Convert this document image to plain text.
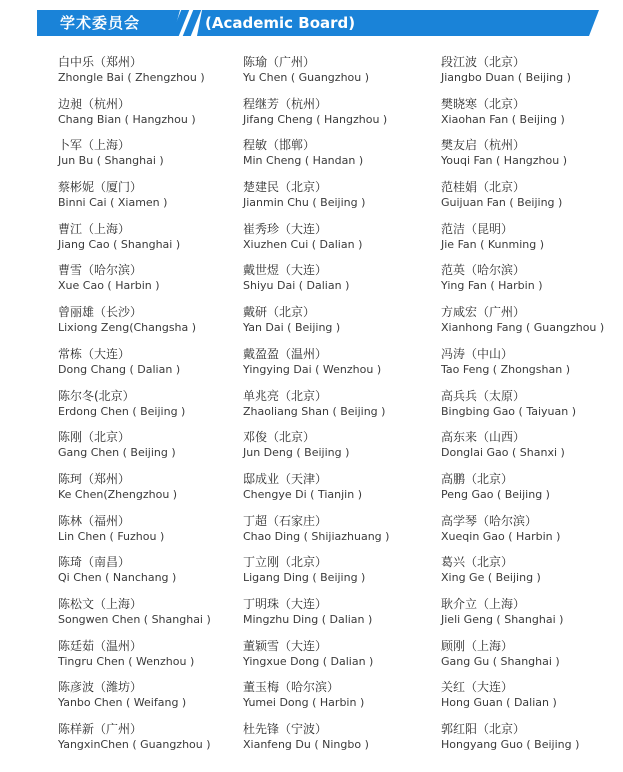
学术委员会	(Academic Board)
白中乐（郑州）
Zhongle Bai ( Zhengzhou )
边昶（杭州）
Chang Bian ( Hangzhou )
卜军（上海）
Jun Bu ( Shanghai )
蔡彬妮（厦门）
Binni Cai ( Xiamen )
曹江（上海）
Jiang Cao ( Shanghai )
曹雪（哈尔滨）
Xue Cao ( Harbin )
曾丽雄（长沙）
Lixiong Zeng(Changsha )
常栋（大连）
Dong Chang ( Dalian )
陈尔冬(北京）
Erdong Chen ( Beijing )
陈刚（北京）
Gang Chen ( Beijing )
陈珂（郑州）
Ke Chen(Zhengzhou )
陈林（福州）
Lin Chen ( Fuzhou )
陈琦（南昌）
Qi Chen ( Nanchang )
陈松文（上海）
Songwen Chen ( Shanghai )
陈廷茹（温州）
Tingru Chen ( Wenzhou )
陈彦波（潍坊）
Yanbo Chen ( Weifang )
陈样新（广州）
YangxinChen ( Guangzhou )
陈瑜（广州）
Yu Chen ( Guangzhou )
程继芳（杭州）
Jifang Cheng ( Hangzhou )
程敏（邯郸）
Min Cheng ( Handan )
楚建民（北京）
Jianmin Chu ( Beijing )
崔秀珍（大连）
Xiuzhen Cui ( Dalian )
戴世煜（大连）
Shiyu Dai ( Dalian )
戴研（北京）
Yan Dai ( Beijing )
戴盈盈（温州）
Yingying Dai ( Wenzhou )
单兆亮（北京）
Zhaoliang Shan ( Beijing )
邓俊（北京）
Jun Deng ( Beijing )
邸成业（天津）
Chengye Di ( Tianjin )
丁超（石家庄）
Chao Ding ( Shijiazhuang )
丁立刚（北京）
Ligang Ding ( Beijing )
丁明珠（大连）
Mingzhu Ding ( Dalian )
董颖雪（大连）
Yingxue Dong ( Dalian )
董玉梅（哈尔滨）
Yumei Dong ( Harbin )
杜先锋（宁波）
Xianfeng Du ( Ningbo )
段江波（北京）
Jiangbo Duan ( Beijing )
樊晓寒（北京）
Xiaohan Fan ( Beijing )
樊友启（杭州）
Youqi Fan ( Hangzhou )
范桂娟（北京）
Guijuan Fan ( Beijing )
范洁（昆明）
Jie Fan ( Kunming )
范英（哈尔滨）
Ying Fan ( Harbin )
方咸宏（广州）
Xianhong Fang ( Guangzhou )
冯涛（中山）
Tao Feng ( Zhongshan )
高兵兵（太原）
Bingbing Gao ( Taiyuan )
高东来（山西）
Donglai Gao ( Shanxi )
高鹏（北京）
Peng Gao ( Beijing )
高学琴（哈尔滨）
Xueqin Gao ( Harbin )
葛兴（北京）
Xing Ge ( Beijing )
耿介立（上海）
Jieli Geng ( Shanghai )
顾刚（上海）
Gang Gu ( Shanghai )
关红（大连）
Hong Guan ( Dalian )
郭红阳（北京）
Hongyang Guo ( Beijing )
